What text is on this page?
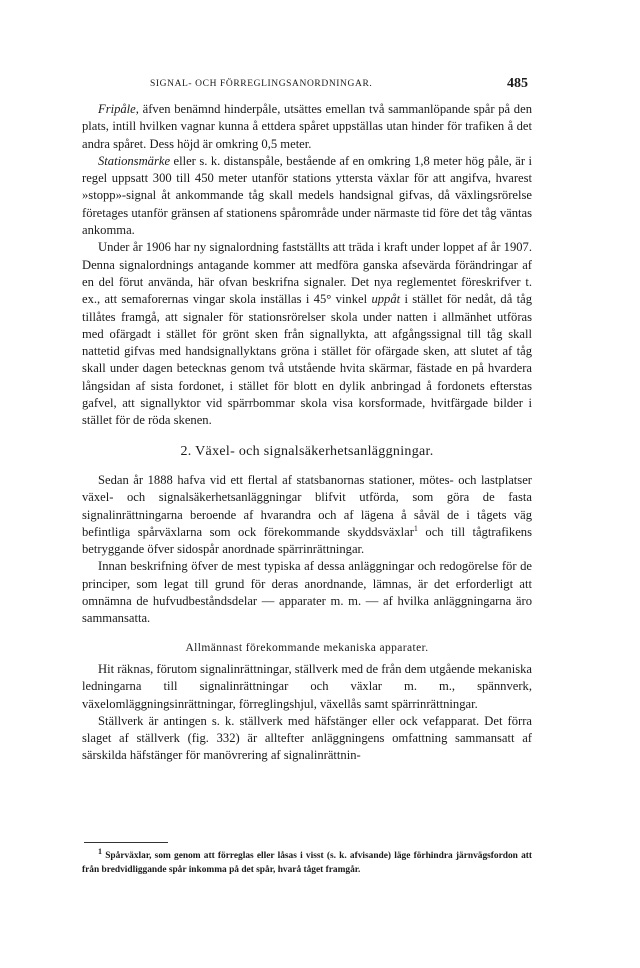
SIGNAL- OCH FÖRREGLINGSANORDNINGAR.	485

Fripåle, äfven benämnd hinderpåle, utsättes emellan två sammanlöpande spår på den plats, intill hvilken vagnar kunna å ettdera spåret uppställas utan hinder för trafiken å det andra spåret. Dess höjd är omkring 0,5 meter.

Stationsmärke eller s. k. distanspåle, bestående af en omkring 1,8 meter hög påle, är i regel uppsatt 300 till 450 meter utanför stations yttersta växlar för att angifva, hvarest »stopp»-signal åt ankommande tåg skall medels handsignal gifvas, då växlingsrörelse företages utanför gränsen af stationens spårområde under närmaste tid före det tåg väntas ankomma.

Under år 1906 har ny signalordning fastställts att träda i kraft under loppet af år 1907. Denna signalordnings antagande kommer att medföra ganska afsevärda förändringar af en del förut använda, här ofvan beskrifna signaler. Det nya reglementet föreskrifver t. ex., att semaforernas vingar skola inställas i 45° vinkel uppåt i stället för nedåt, då tåg tillåtes framgå, att signaler för stationsrörelser skola under natten i allmänhet utföras med ofärgadt i stället för grönt sken från signallykta, att afgångssignal till tåg skall nattetid gifvas med handsignallyktans gröna i stället för ofärgade sken, att slutet af tåg skall under dagen betecknas genom två utstående hvita skärmar, fästade en på hvardera långsidan af sista fordonet, i stället för blott en dylik anbringad å fordonets efterstas gafvel, att signallyktor vid spärrbommar skola visa korsformade, hvitfärgade bilder i stället för de röda skenen.

2. Växel- och signalsäkerhetsanläggningar.

Sedan år 1888 hafva vid ett flertal af statsbanornas stationer, mötes- och lastplatser växel- och signalsäkerhetsanläggningar blifvit utförda, som göra de fasta signalinrättningarna beroende af hvarandra och af lägena å såväl de i tågets väg befintliga spårväxlarna som ock förekommande skyddsväxlar$^1$ och till tågtrafikens betryggande öfver sidospår anordnade spärrinrättningar.

Innan beskrifning öfver de mest typiska af dessa anläggningar och redogörelse för de principer, som legat till grund för deras anordnande, lämnas, är det erforderligt att omnämna de hufvudbeståndsdelar — apparater m. m. — af hvilka anläggningarna äro sammansatta.

Allmännast förekommande mekaniska apparater.

Hit räknas, förutom signalinrättningar, ställverk med de från dem utgående mekaniska ledningarna till signalinrättningar och växlar m. m., spännverk, växelomläggningsinrättningar, förreglingshjul, växellås samt spärrinrättningar.

Ställverk är antingen s. k. ställverk med häfstänger eller ock vefapparat. Det förra slaget af ställverk (fig. 332) är alltefter anläggningens omfattning sammansatt af särskilda häfstänger för manövrering af signalinrättnin-

$^1$ Spårväxlar, som genom att förreglas eller låsas i visst (s. k. afvisande) läge förhindra järnvägsfordon att från bredvidliggande spår inkomma på det spår, hvarå tåget framgår.
